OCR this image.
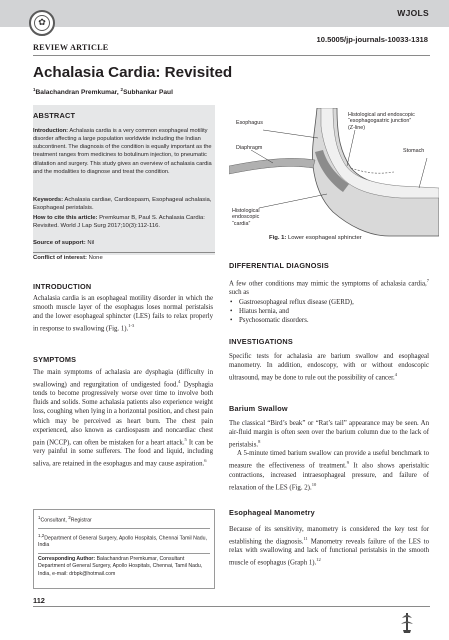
✿
WJOLS
10.5005/jp-journals-10033-1318
REVIEW ARTICLE
Achalasia Cardia: Revisited
$^1$Balachandran Premkumar, $^2$Subhankar Paul
ABSTRACT
Introduction: Achalasia cardia is a very common esophageal motility disorder affecting a large population worldwide including the Indian subcontinent. The diagnosis of the condition is equally important as the treatment ranges from medicines to botulinum injection, to pneumatic dilatation and surgery. This study gives an overview of achalasia cardia and the modalities to diagnose and treat the condition.
Keywords: Achalasia cardiae, Cardiospasm, Esophageal achalasia, Esophageal peristalsis.
How to cite this article: Premkumar B, Paul S. Achalasia Cardia: Revisited. World J Lap Surg 2017;10(3):112-116.
Source of support: Nil
Conflict of interest: None
INTRODUCTION
Achalasia cardia is an esophageal motility disorder in which the smooth muscle layer of the esophagus loses normal peristalsis and the lower esophageal sphincter (LES) fails to relax properly in response to swallowing (Fig. 1).$^{1-3}$
SYMPTOMS
The main symptoms of achalasia are dysphagia (difficulty in swallowing) and regurgitation of undigested food.$^4$ Dysphagia tends to become progressively worse over time to involve both fluids and solids. Some achalasia patients also experience weight loss, coughing when lying in a horizontal position, and chest pain which may be perceived as heart burn. The chest pain experienced, also known as cardiospasm and noncardiac chest pain (NCCP), can often be mistaken for a heart attack.$^5$ It can be very painful in some sufferers. The food and liquid, including saliva, are retained in the esophagus and may cause aspiration.$^6$
$^1$Consultant, $^2$Registrar
$^{1,2}$Department of General Surgery, Apollo Hospitals, Chennai Tamil Nadu, India
Corresponding Author: Balachandran Premkumar, Consultant Department of General Surgery, Apollo Hospitals, Chennai, Tamil Nadu, India, e-mail: drbpk@hotmail.com
112
Esophagus
Diaphragm
Histological and endoscopic
“esophagogastric junction”
(Z-line)
Stomach
Histological
endoscopic
“cardia”
Fig. 1: Lower esophageal sphincter
DIFFERENTIAL DIAGNOSIS
A few other conditions may mimic the symptoms of achalasia cardia,$^7$ such as
• Gastroesophageal reflux disease (GERD),
• Hiatus hernia, and
• Psychosomatic disorders.
INVESTIGATIONS
Specific tests for achalasia are barium swallow and esophageal manometry. In addition, endoscopy, with or without endoscopic ultrasound, may be done to rule out the possibility of cancer.$^4$
Barium Swallow
The classical “Bird’s beak” or “Rat’s tail” appearance may be seen. An air-fluid margin is often seen over the barium column due to the lack of peristalsis.$^8$
A 5-minute timed barium swallow can provide a useful benchmark to measure the effectiveness of treatment.$^9$ It also shows aperistaltic contractions, increased intraesophageal pressure, and failure of relaxation of the LES (Fig. 2).$^{10}$
Esophageal Manometry
Because of its sensitivity, manometry is considered the key test for establishing the diagnosis.$^{11}$ Manometry reveals failure of the LES to relax with swallowing and lack of functional peristalsis in the smooth muscle of esophagus (Graph 1).$^{12}$
